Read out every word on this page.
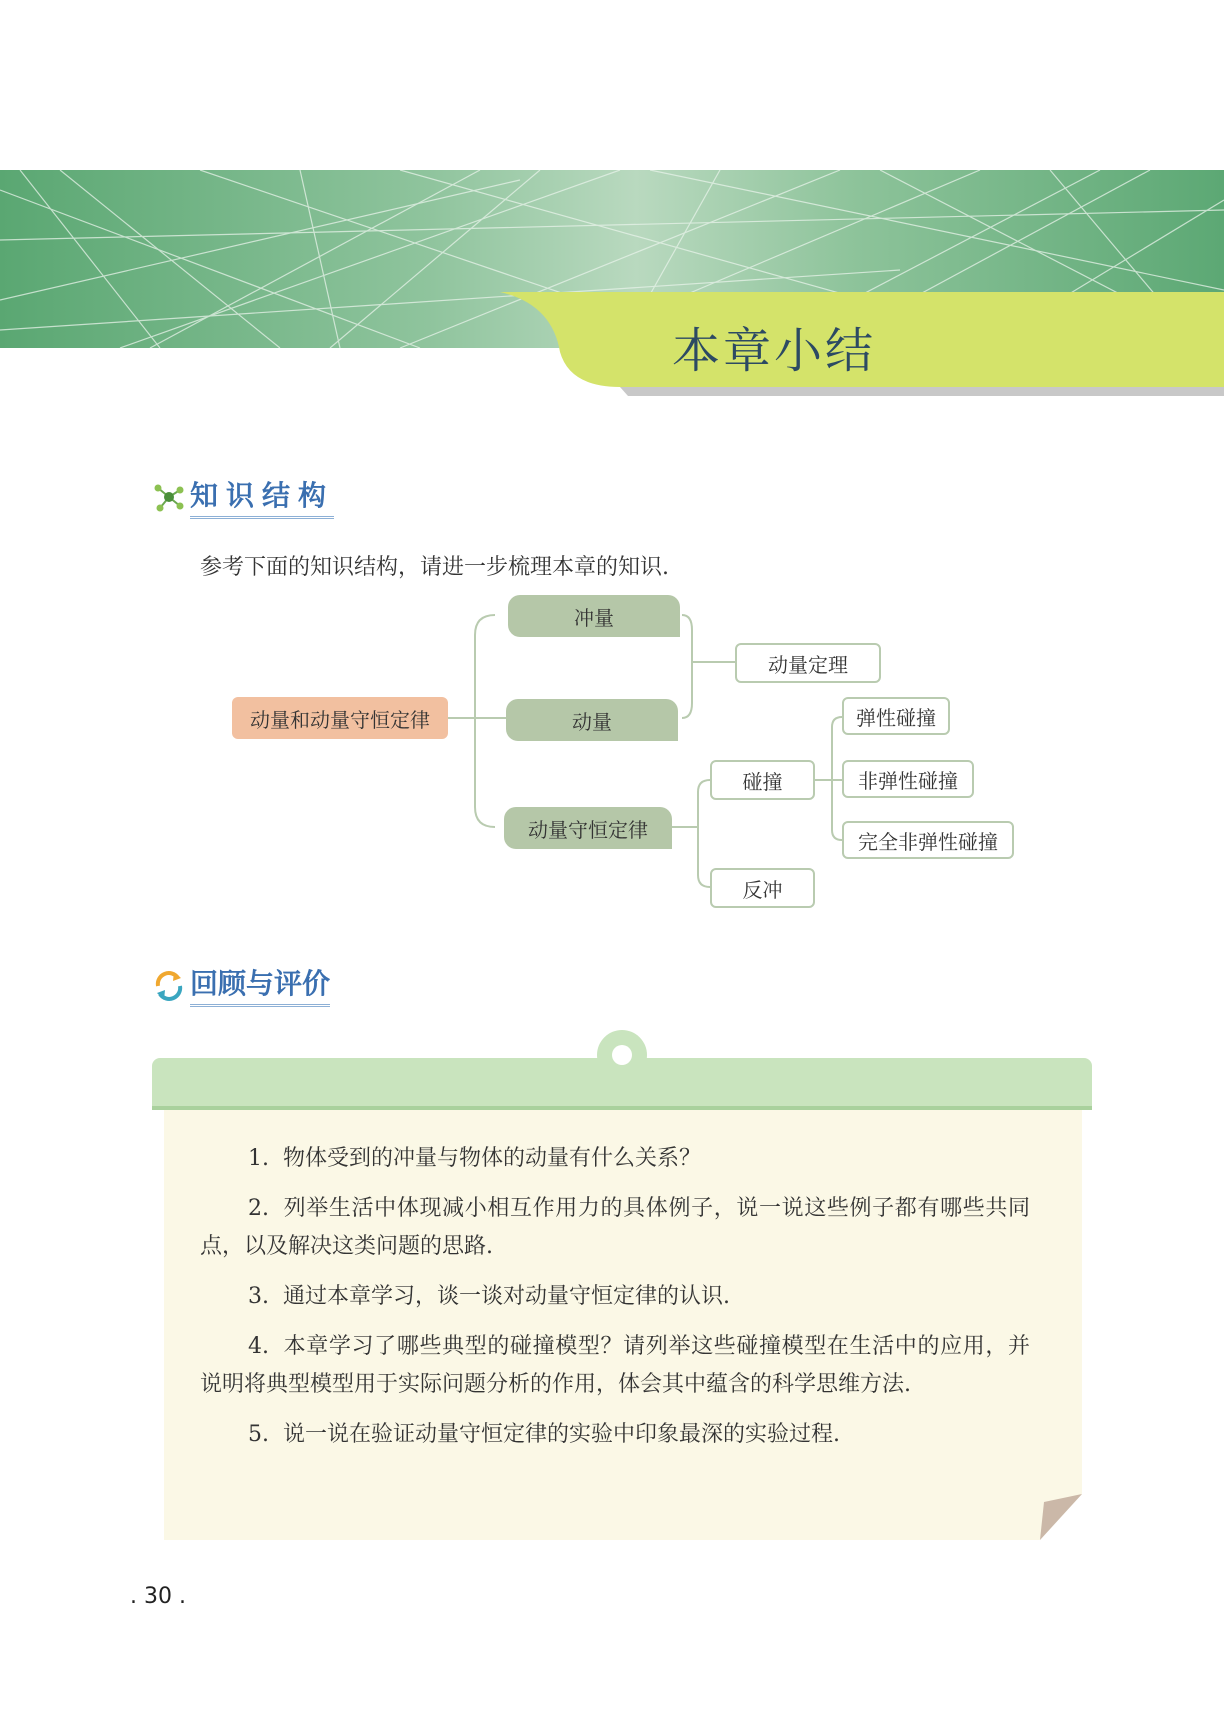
本章小结
知识结构

参考下面的知识结构，请进一步梳理本章的知识.

动量和动量守恒定律
冲量
动量
动量守恒定律
动量定理
碰撞
反冲
弹性碰撞
非弹性碰撞
完全非弹性碰撞
回顾与评价
1. 物体受到的冲量与物体的动量有什么关系？
2. 列举生活中体现减小相互作用力的具体例子，说一说这些例子都有哪些共同点，以及解决这类问题的思路.
3. 通过本章学习，谈一谈对动量守恒定律的认识.
4. 本章学习了哪些典型的碰撞模型？请列举这些碰撞模型在生活中的应用，并说明将典型模型用于实际问题分析的作用，体会其中蕴含的科学思维方法.
5. 说一说在验证动量守恒定律的实验中印象最深的实验过程.
. 30 .
